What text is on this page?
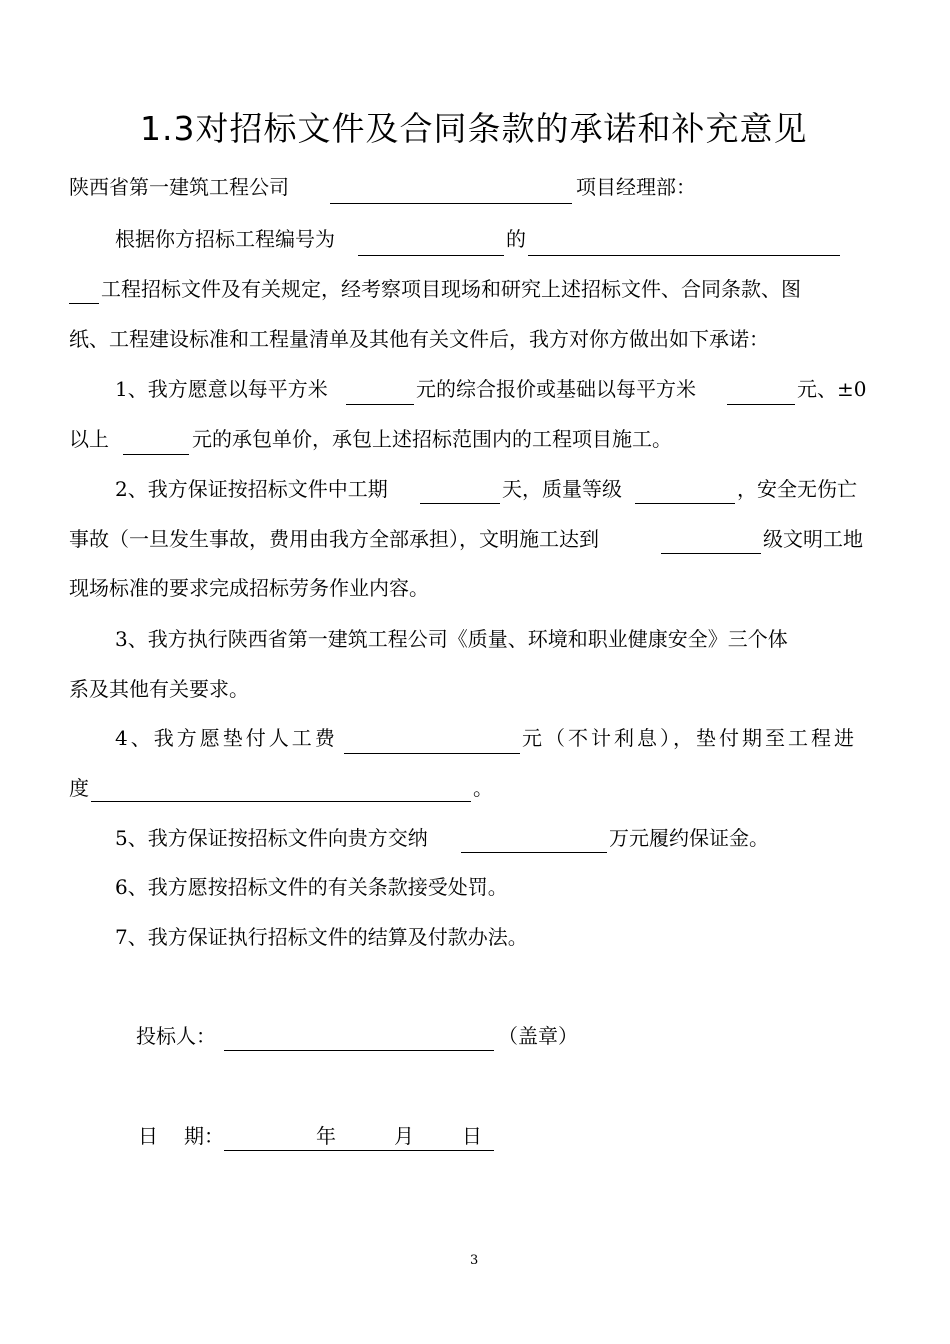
1.3对招标文件及合同条款的承诺和补充意见
陕西省第一建筑工程公司	项目经理部：
根据你方招标工程编号为	的
工程招标文件及有关规定，经考察项目现场和研究上述招标文件、合同条款、图
纸、工程建设标准和工程量清单及其他有关文件后，我方对你方做出如下承诺：
1、我方愿意以每平方米	元的综合报价或基础以每平方米	元、±0
以上	元的承包单价，承包上述招标范围内的工程项目施工。
2、我方保证按招标文件中工期	天，质量等级	，安全无伤亡
事故（一旦发生事故，费用由我方全部承担），文明施工达到	级文明工地
现场标准的要求完成招标劳务作业内容。
3、我方执行陕西省第一建筑工程公司《质量、环境和职业健康安全》三个体
系及其他有关要求。
4、我方愿垫付人工费	元（不计利息），垫付期至工程进
度	。
5、我方保证按招标文件向贵方交纳	万元履约保证金。
6、我方愿按招标文件的有关条款接受处罚。
7、我方保证执行招标文件的结算及付款办法。
投标人：	（盖章）
日 期：	年	月 日
3
